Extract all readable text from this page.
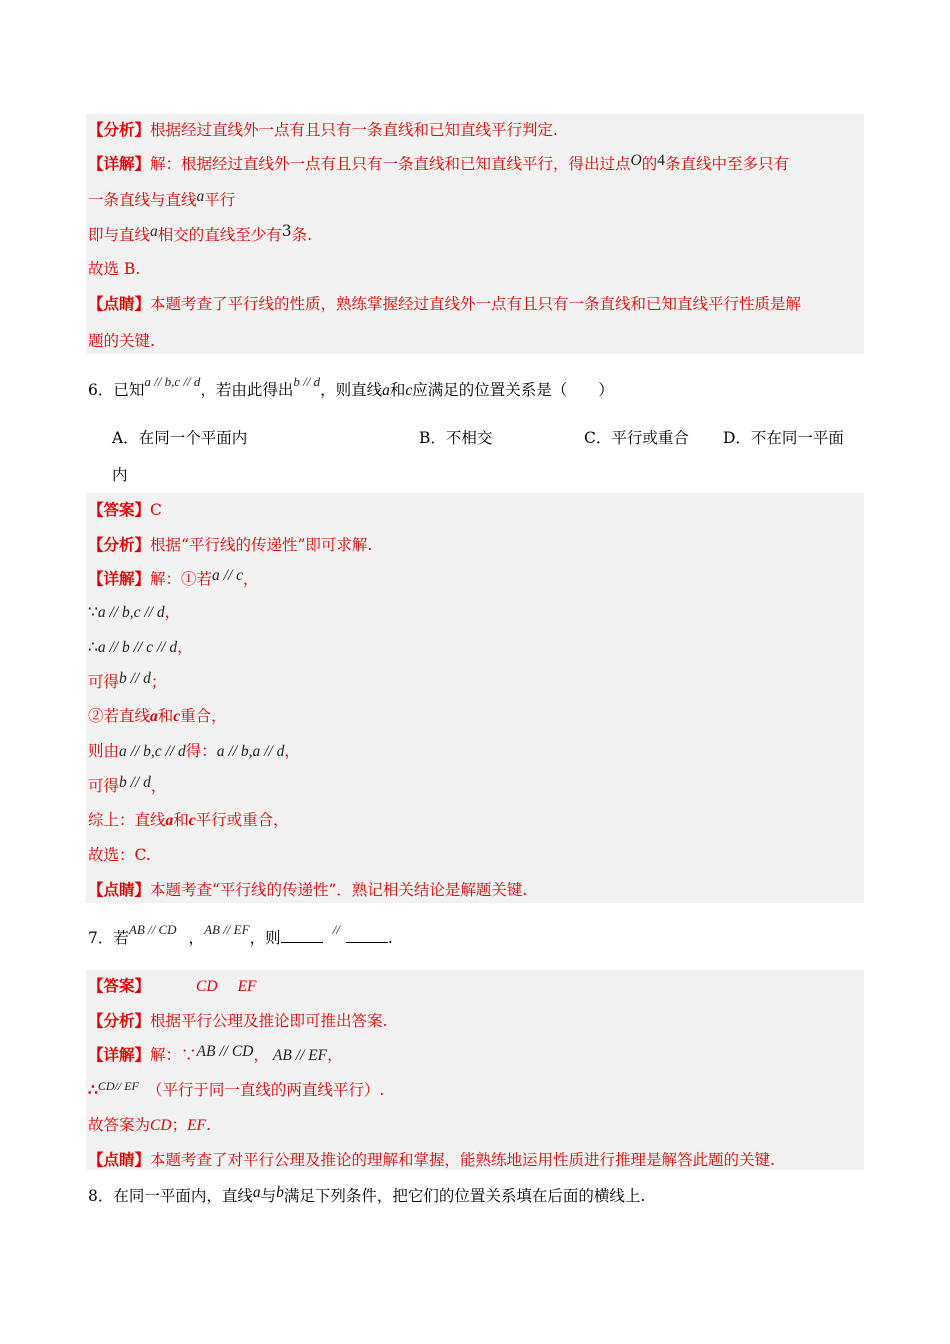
【分析】根据经过直线外一点有且只有一条直线和已知直线平行判定.
【详解】解：根据经过直线外一点有且只有一条直线和已知直线平行，得出过点O的4条直线中至多只有
一条直线与直线a平行
即与直线a相交的直线至少有3条.
故选 B.
【点睛】本题考查了平行线的性质，熟练掌握经过直线外一点有且只有一条直线和已知直线平行性质是解
题的关键.
6．已知$^{a // b,c // d}$，若由此得出$^{b // d}$，则直线a和c应满足的位置关系是（　　）
A．在同一个平面内	B．不相交	C．平行或重合 D．不在同一平面
内
【答案】C
【分析】根据“平行线的传递性”即可求解.
【详解】解：①若a // c，
∵a // b,c // d，
∴a // b // c // d，
可得b // d；
②若直线a和c重合，
则由a // b,c // d得：a // b,a // d，
可得b // d，
综上：直线a和c平行或重合，
故选：C.
【点睛】本题考查“平行线的传递性”．熟记相关结论是解题关键.
7．若$^{AB // CD}$ ，$^{AB // EF}$，则	//	.
【答案】	CD EF
【分析】根据平行公理及推论即可推出答案.
【详解】解：∵AB // CD， AB // EF，
∴$^{CD// EF}$ （平行于同一直线的两直线平行）.
故答案为CD；EF.
【点睛】本题考查了对平行公理及推论的理解和掌握，能熟练地运用性质进行推理是解答此题的关键.
8．在同一平面内，直线a与b满足下列条件，把它们的位置关系填在后面的横线上.
